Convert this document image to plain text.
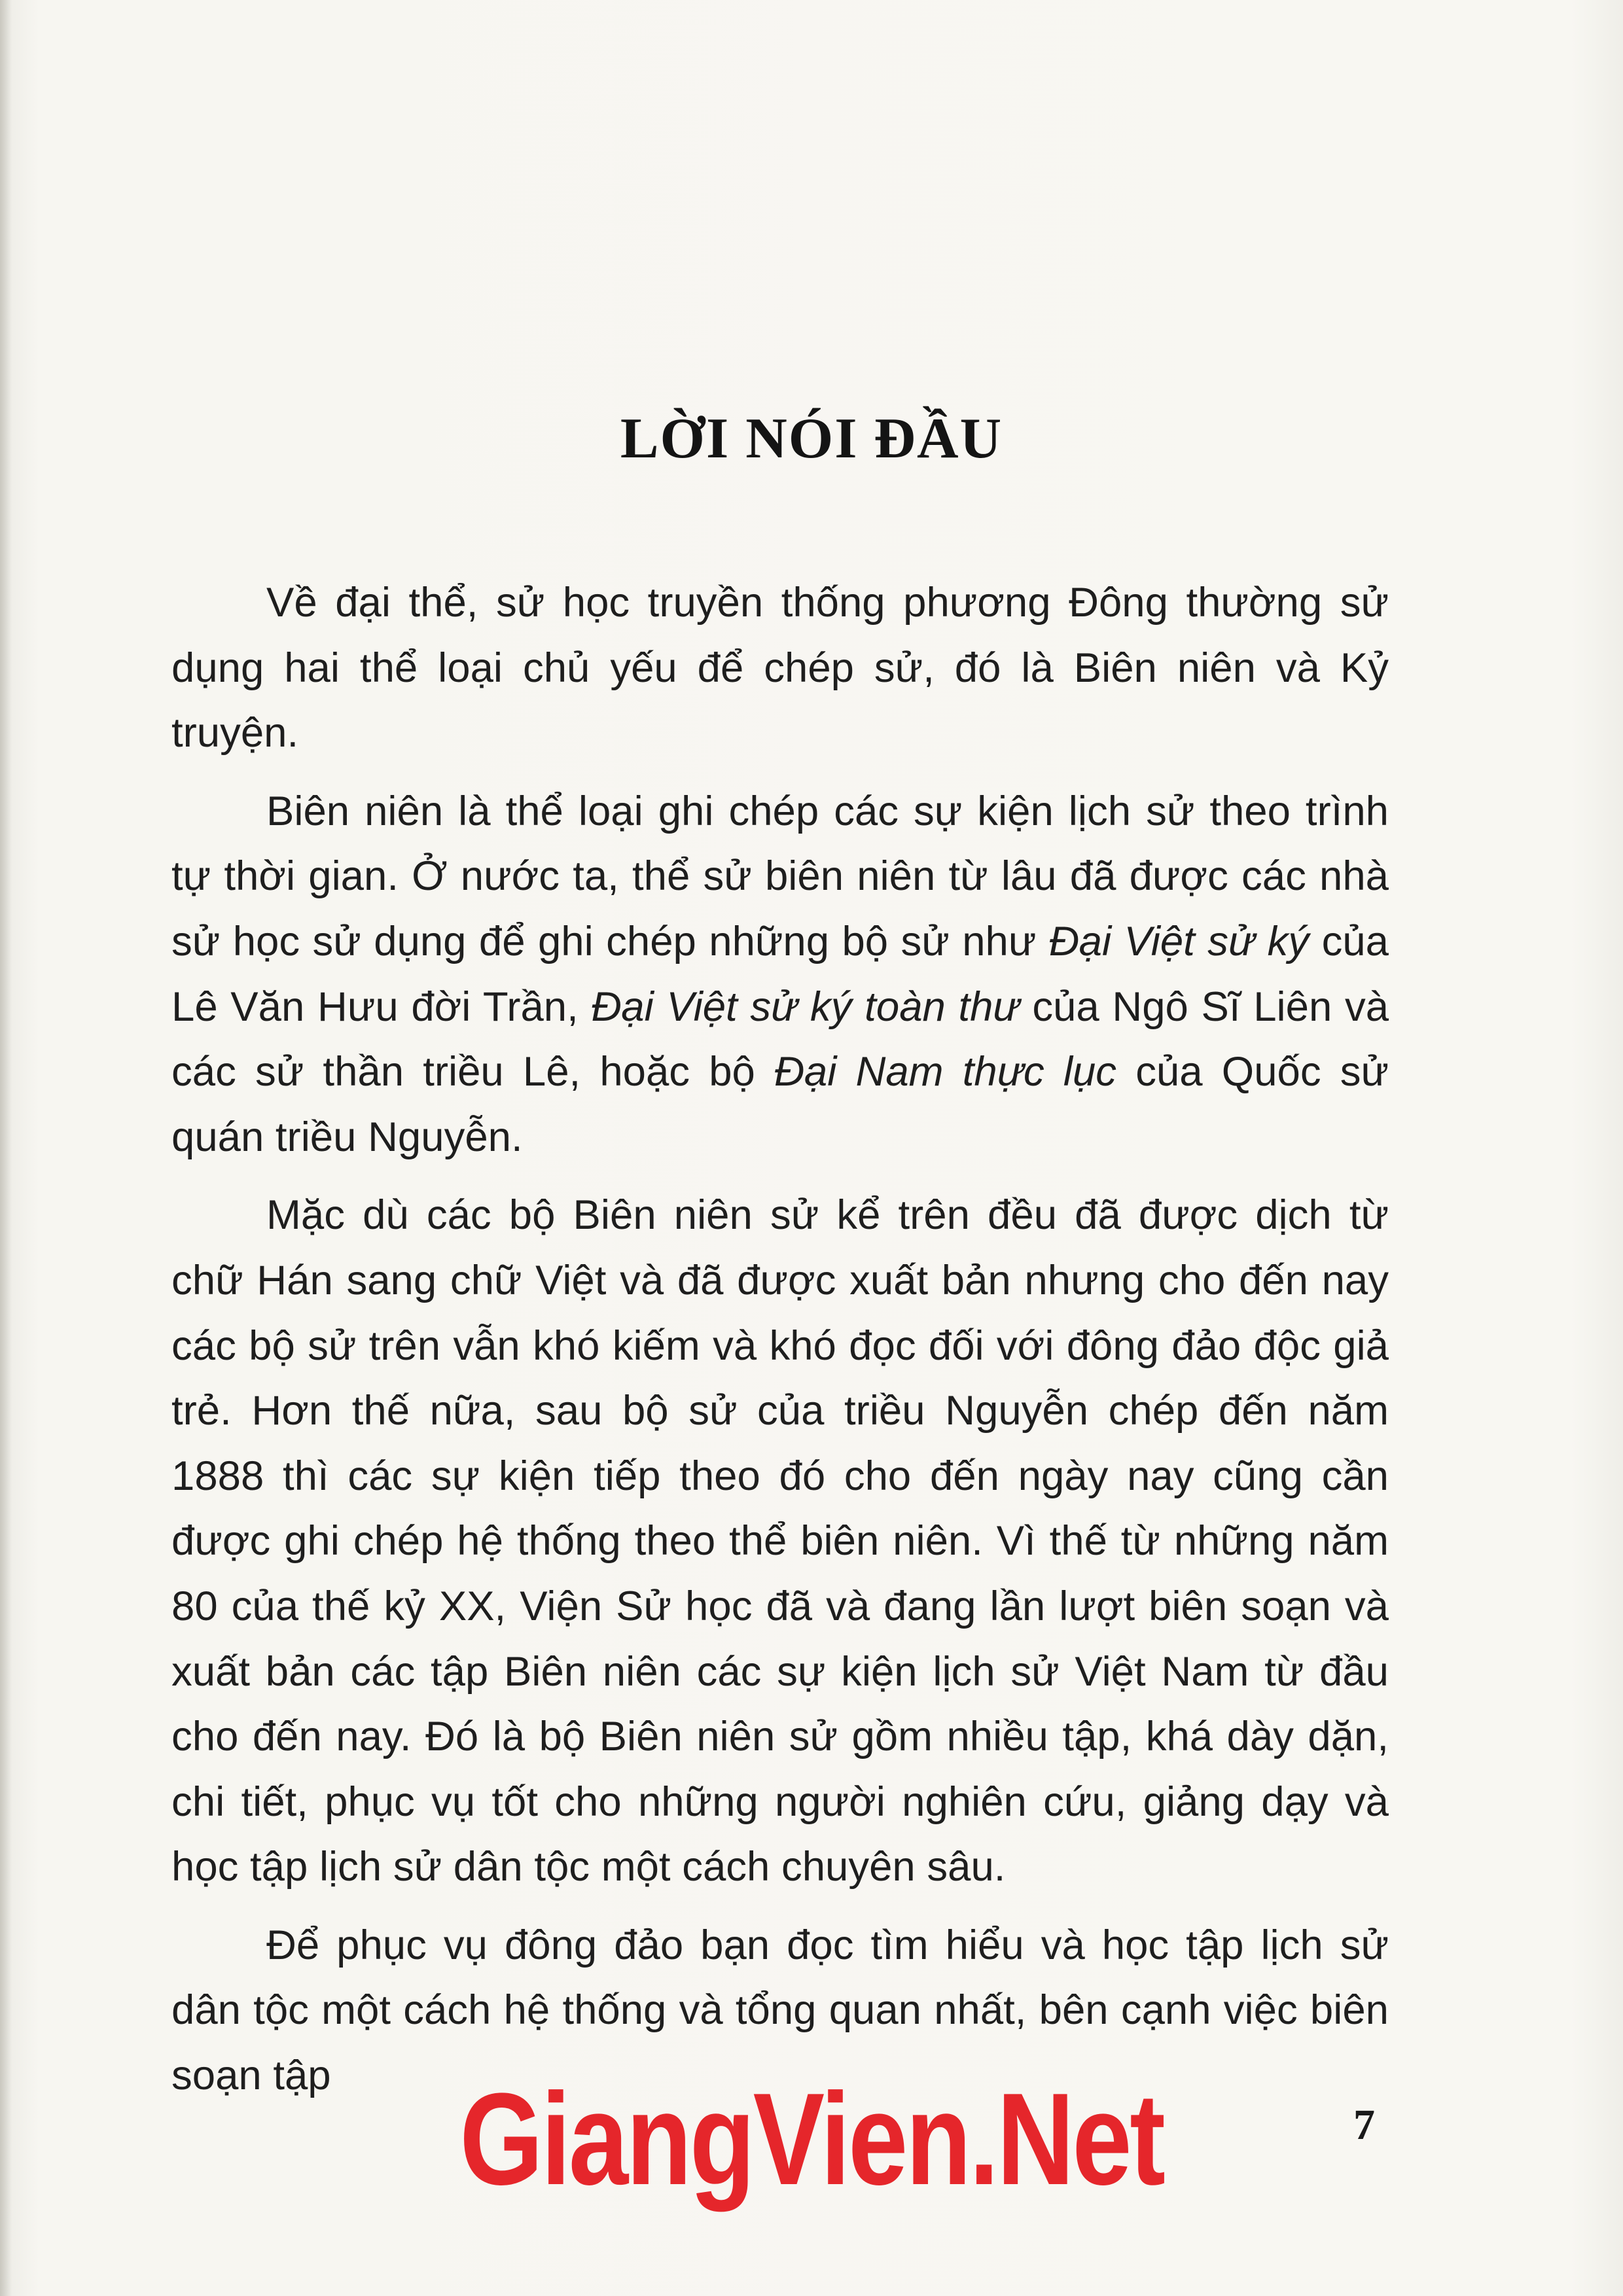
LỜI NÓI ĐẦU

Về đại thể, sử học truyền thống phương Đông thường sử dụng hai thể loại chủ yếu để chép sử, đó là Biên niên và Kỷ truyện.

Biên niên là thể loại ghi chép các sự kiện lịch sử theo trình tự thời gian. Ở nước ta, thể sử biên niên từ lâu đã được các nhà sử học sử dụng để ghi chép những bộ sử như Đại Việt sử ký của Lê Văn Hưu đời Trần, Đại Việt sử ký toàn thư của Ngô Sĩ Liên và các sử thần triều Lê, hoặc bộ Đại Nam thực lục của Quốc sử quán triều Nguyễn.

Mặc dù các bộ Biên niên sử kể trên đều đã được dịch từ chữ Hán sang chữ Việt và đã được xuất bản nhưng cho đến nay các bộ sử trên vẫn khó kiếm và khó đọc đối với đông đảo độc giả trẻ. Hơn thế nữa, sau bộ sử của triều Nguyễn chép đến năm 1888 thì các sự kiện tiếp theo đó cho đến ngày nay cũng cần được ghi chép hệ thống theo thể biên niên. Vì thế từ những năm 80 của thế kỷ XX, Viện Sử học đã và đang lần lượt biên soạn và xuất bản các tập Biên niên các sự kiện lịch sử Việt Nam từ đầu cho đến nay. Đó là bộ Biên niên sử gồm nhiều tập, khá dày dặn, chi tiết, phục vụ tốt cho những người nghiên cứu, giảng dạy và học tập lịch sử dân tộc một cách chuyên sâu.

Để phục vụ đông đảo bạn đọc tìm hiểu và học tập lịch sử dân tộc một cách hệ thống và tổng quan nhất, bên cạnh việc biên soạn tập GiangVien.Net	7
